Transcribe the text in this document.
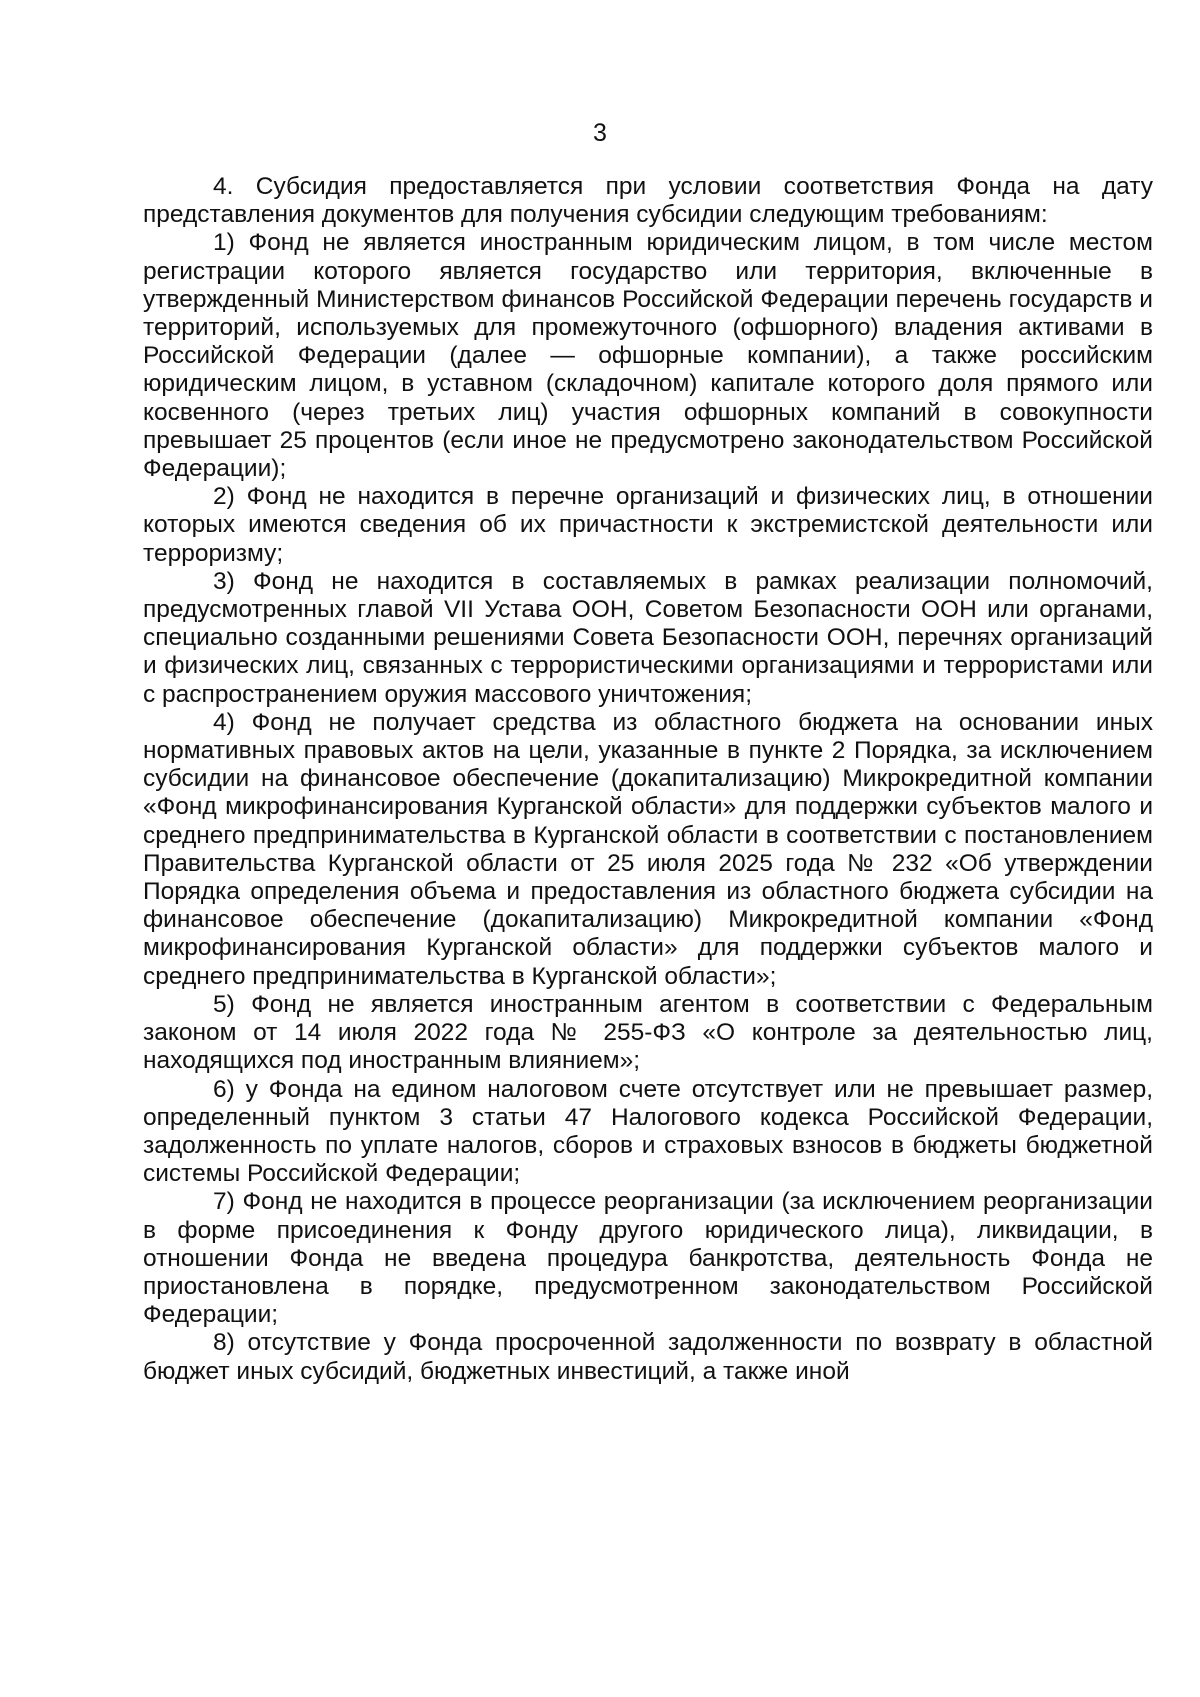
3

4. Субсидия предоставляется при условии соответствия Фонда на дату представления документов для получения субсидии следующим требованиям:

1) Фонд не является иностранным юридическим лицом, в том числе местом регистрации которого является государство или территория, включенные в утвержденный Министерством финансов Российской Федерации перечень государств и территорий, используемых для промежуточного (офшорного) владения активами в Российской Федерации (далее — офшорные компании), а также российским юридическим лицом, в уставном (складочном) капитале которого доля прямого или косвенного (через третьих лиц) участия офшорных компаний в совокупности превышает 25 процентов (если иное не предусмотрено законодательством Российской Федерации);

2) Фонд не находится в перечне организаций и физических лиц, в отношении которых имеются сведения об их причастности к экстремистской деятельности или терроризму;

3) Фонд не находится в составляемых в рамках реализации полномочий, предусмотренных главой VII Устава ООН, Советом Безопасности ООН или органами, специально созданными решениями Совета Безопасности ООН, перечнях организаций и физических лиц, связанных с террористическими организациями и террористами или с распространением оружия массового уничтожения;

4) Фонд не получает средства из областного бюджета на основании иных нормативных правовых актов на цели, указанные в пункте 2 Порядка, за исключением субсидии на финансовое обеспечение (докапитализацию) Микрокредитной компании «Фонд микрофинансирования Курганской области» для поддержки субъектов малого и среднего предпринимательства в Курганской области в соответствии с постановлением Правительства Курганской области от 25 июля 2025 года № 232 «Об утверждении Порядка определения объема и предоставления из областного бюджета субсидии на финансовое обеспечение (докапитализацию) Микрокредитной компании «Фонд микрофинансирования Курганской области» для поддержки субъектов малого и среднего предпринимательства в Курганской области»;

5) Фонд не является иностранным агентом в соответствии с Федеральным законом от 14 июля 2022 года № 255-ФЗ «О контроле за деятельностью лиц, находящихся под иностранным влиянием»;

6) у Фонда на едином налоговом счете отсутствует или не превышает размер, определенный пунктом 3 статьи 47 Налогового кодекса Российской Федерации, задолженность по уплате налогов, сборов и страховых взносов в бюджеты бюджетной системы Российской Федерации;

7) Фонд не находится в процессе реорганизации (за исключением реорганизации в форме присоединения к Фонду другого юридического лица), ликвидации, в отношении Фонда не введена процедура банкротства, деятельность Фонда не приостановлена в порядке, предусмотренном законодательством Российской Федерации;

8) отсутствие у Фонда просроченной задолженности по возврату в областной бюджет иных субсидий, бюджетных инвестиций, а также иной
